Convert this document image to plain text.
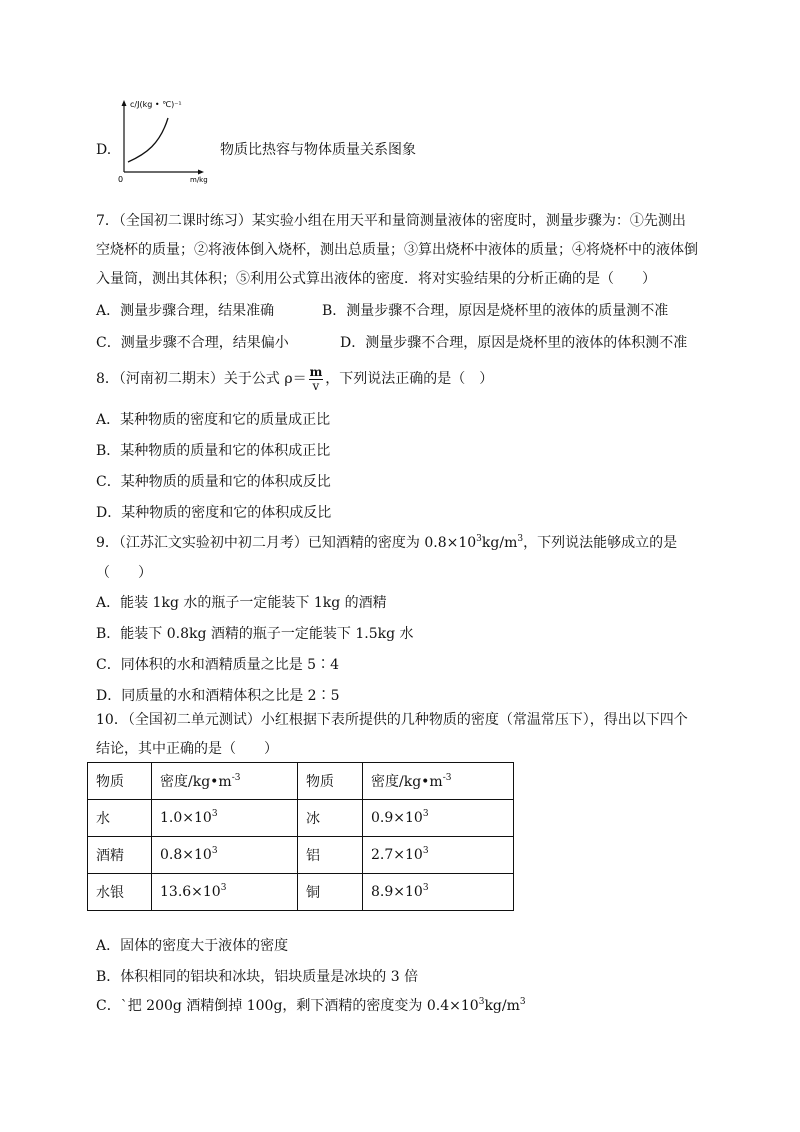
D.
c/J(kg • ℃)⁻¹
m/kg
0
物质比热容与物体质量关系图象
7．（全国初二课时练习）某实验小组在用天平和量筒测量液体的密度时，测量步骤为：①先测出
空烧杯的质量；②将液体倒入烧杯，测出总质量；③算出烧杯中液体的质量；④将烧杯中的液体倒
入量筒，测出其体积；⑤利用公式算出液体的密度．将对实验结果的分析正确的是（　　）
A．测量步骤合理，结果准确	B．测量步骤不合理，原因是烧杯里的液体的质量测不准
C．测量步骤不合理，结果偏小	D．测量步骤不合理，原因是烧杯里的液体的体积测不准
8．（河南初二期末）关于公式 $\rho= \frac{m}{v}$ ，下列说法正确的是（　）
A．某种物质的密度和它的质量成正比
B．某种物质的质量和它的体积成正比
C．某种物质的质量和它的体积成反比
D．某种物质的密度和它的体积成反比
9．（江苏汇文实验初中初二月考）已知酒精的密度为 $0.8\times 10^3kg/m^3$，下列说法能够成立的是
（　　）
A．能装 1kg 水的瓶子一定能装下 1kg 的酒精
B．能装下 0.8kg 酒精的瓶子一定能装下 1.5kg 水
C．同体积的水和酒精质量之比是 5∶4
D．同质量的水和酒精体积之比是 2∶5
10．（全国初二单元测试）小红根据下表所提供的几种物质的密度（常温常压下），得出以下四个
结论，其中正确的是（　　）
物质	密度$/kg•m^{-3}$	物质	密度$/kg•m^{-3}$
水	$1.0\times 10^3$	冰	$0.9\times 10^3$
酒精	$0.8\times 10^3$	铝	$2.7\times 10^3$
水银	$13.6\times 10^3$	铜	$8.9\times 10^3$
A．固体的密度大于液体的密度
B．体积相同的铝块和冰块，铝块质量是冰块的 3 倍
C．`把 200g 酒精倒掉 100g，剩下酒精的密度变为 $0.4\times 10^3kg/m^3$
